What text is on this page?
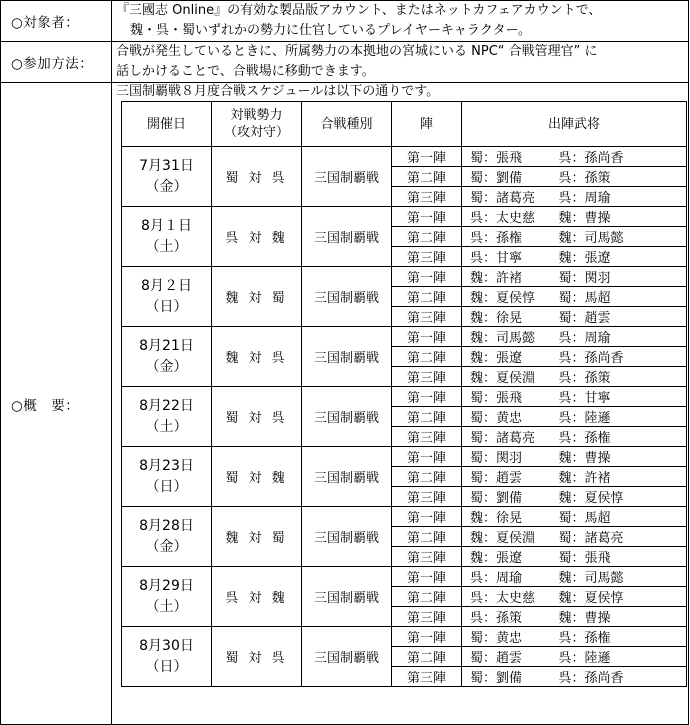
○対象者：	
『三國志 Online』の有効な製品版アカウント、またはネットカフェアカウントで、
魏・呉・蜀いずれかの勢力に仕官しているプレイヤーキャラクター。

○参加方法：	
合戦が発生しているときに、所属勢力の本拠地の宮城にいる NPC“ 合戦管理官” に
話しかけることで、合戦場に移動できます。

○概　要：	
三国制覇戦８月度合戦スケジュールは以下の通りです。
開催日	
対戦勢力
（攻対守）
	合戦種別	陣	出陣武将

7月31日
（金）	蜀 対 呉	三国制覇戦	第一陣	蜀：張飛	呉：孫尚香
第二陣	蜀：劉備	呉：孫策
第三陣	蜀：諸葛亮	呉：周瑜

8月１日
（土）	呉 対 魏	三国制覇戦	第一陣	呉：太史慈	魏：曹操
第二陣	呉：孫権	魏：司馬懿
第三陣	呉：甘寧	魏：張遼

8月２日
（日）	魏 対 蜀	三国制覇戦	第一陣	魏：許褚	蜀：関羽
第二陣	魏：夏侯惇	蜀：馬超
第三陣	魏：徐晃	蜀：趙雲

8月21日
（金）	魏 対 呉	三国制覇戦	第一陣	魏：司馬懿	呉：周瑜
第二陣	魏：張遼	呉：孫尚香
第三陣	魏：夏侯淵	呉：孫策

8月22日
（土）	蜀 対 呉	三国制覇戦	第一陣	蜀：張飛	呉：甘寧
第二陣	蜀：黄忠	呉：陸遜
第三陣	蜀：諸葛亮	呉：孫権

8月23日
（日）	蜀 対 魏	三国制覇戦	第一陣	蜀：関羽	魏：曹操
第二陣	蜀：趙雲	魏：許褚
第三陣	蜀：劉備	魏：夏侯惇

8月28日
（金）	魏 対 蜀	三国制覇戦	第一陣	魏：徐晃	蜀：馬超
第二陣	魏：夏侯淵	蜀：諸葛亮
第三陣	魏：張遼	蜀：張飛

8月29日
（土）	呉 対 魏	三国制覇戦	第一陣	呉：周瑜	魏：司馬懿
第二陣	呉：太史慈	魏：夏侯惇
第三陣	呉：孫策	魏：曹操

8月30日
（日）	蜀 対 呉	三国制覇戦	第一陣	蜀：黄忠	呉：孫権
第二陣	蜀：趙雲	呉：陸遜
第三陣	蜀：劉備	呉：孫尚香
